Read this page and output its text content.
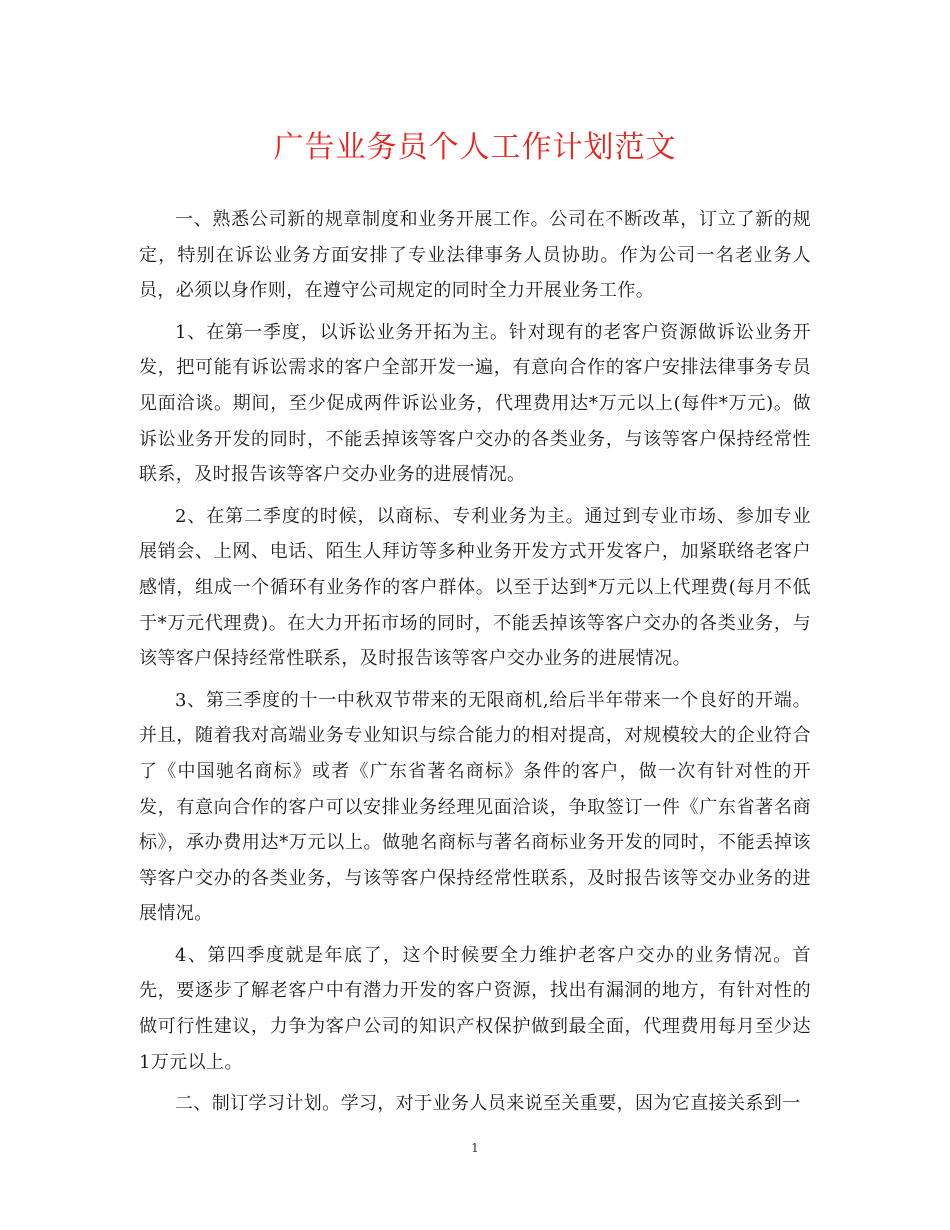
广告业务员个人工作计划范文

一、熟悉公司新的规章制度和业务开展工作。公司在不断改革，订立了新的规定，特别在诉讼业务方面安排了专业法律事务人员协助。作为公司一名老业务人员，必须以身作则，在遵守公司规定的同时全力开展业务工作。

1、在第一季度，以诉讼业务开拓为主。针对现有的老客户资源做诉讼业务开发，把可能有诉讼需求的客户全部开发一遍，有意向合作的客户安排法律事务专员见面洽谈。期间，至少促成两件诉讼业务，代理费用达*万元以上(每件*万元)。做诉讼业务开发的同时，不能丢掉该等客户交办的各类业务，与该等客户保持经常性联系，及时报告该等客户交办业务的进展情况。

2、在第二季度的时候，以商标、专利业务为主。通过到专业市场、参加专业展销会、上网、电话、陌生人拜访等多种业务开发方式开发客户，加紧联络老客户感情，组成一个循环有业务作的客户群体。以至于达到*万元以上代理费(每月不低于*万元代理费)。在大力开拓市场的同时，不能丢掉该等客户交办的各类业务，与该等客户保持经常性联系，及时报告该等客户交办业务的进展情况。

3、第三季度的十一中秋双节带来的无限商机,给后半年带来一个良好的开端。并且，随着我对高端业务专业知识与综合能力的相对提高，对规模较大的企业符合了《中国驰名商标》或者《广东省著名商标》条件的客户，做一次有针对性的开发，有意向合作的客户可以安排业务经理见面洽谈，争取签订一件《广东省著名商标》，承办费用达*万元以上。做驰名商标与著名商标业务开发的同时，不能丢掉该等客户交办的各类业务，与该等客户保持经常性联系，及时报告该等交办业务的进展情况。

4、第四季度就是年底了，这个时候要全力维护老客户交办的业务情况。首先，要逐步了解老客户中有潜力开发的客户资源，找出有漏洞的地方，有针对性的做可行性建议，力争为客户公司的知识产权保护做到最全面，代理费用每月至少达1万元以上。

二、制订学习计划。学习，对于业务人员来说至关重要，因为它直接关系到一

1
